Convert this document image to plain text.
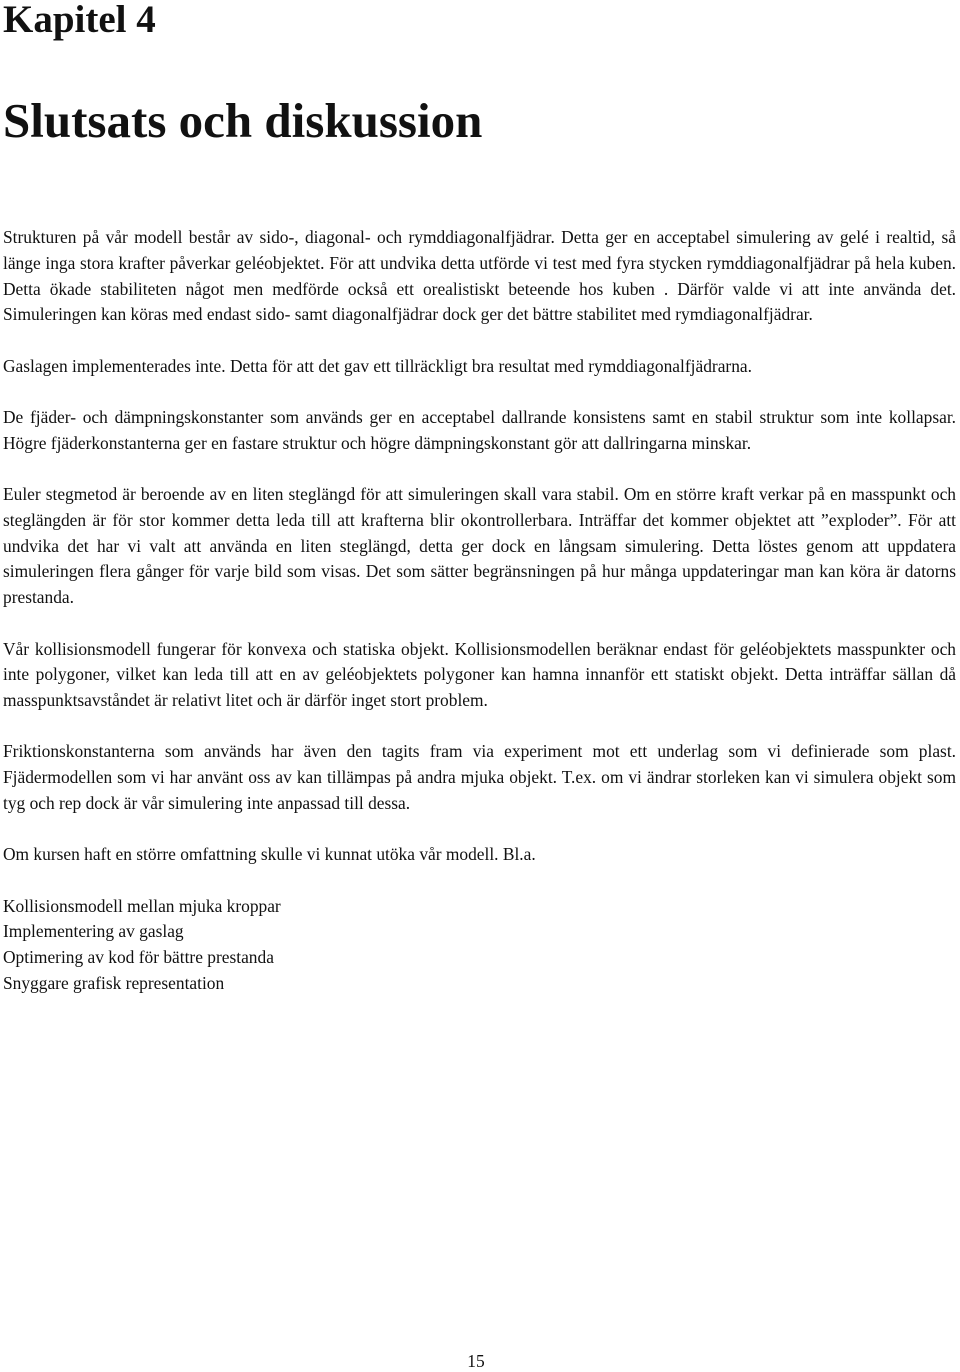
Kapitel 4
Slutsats och diskussion

Strukturen på vår modell består av sido-, diagonal- och rymddiagonalfjädrar. Detta ger en acceptabel simulering av gelé i realtid, så länge inga stora krafter påverkar geléobjektet. För att undvika detta utförde vi test med fyra stycken rymddiagonalfjädrar på hela kuben. Detta ökade stabiliteten något men medförde också ett orealistiskt beteende hos kuben . Därför valde vi att inte använda det. Simuleringen kan köras med endast sido- samt diagonalfjädrar dock ger det bättre stabilitet med rymdiagonalfjädrar.

Gaslagen implementerades inte. Detta för att det gav ett tillräckligt bra resultat med rymddiagonalfjädrarna.

De fjäder- och dämpningskonstanter som används ger en acceptabel dallrande konsistens samt en stabil struktur som inte kollapsar. Högre fjäderkonstanterna ger en fastare struktur och högre dämpningskonstant gör att dallringarna minskar.

Euler stegmetod är beroende av en liten steglängd för att simuleringen skall vara stabil. Om en större kraft verkar på en masspunkt och steglängden är för stor kommer detta leda till att krafterna blir okontrollerbara. Inträffar det kommer objektet att ”exploder”. För att undvika det har vi valt att använda en liten steglängd, detta ger dock en långsam simulering. Detta löstes genom att uppdatera simuleringen flera gånger för varje bild som visas. Det som sätter begränsningen på hur många uppdateringar man kan köra är datorns prestanda.

Vår kollisionsmodell fungerar för konvexa och statiska objekt. Kollisionsmodellen beräknar endast för geléobjektets masspunkter och inte polygoner, vilket kan leda till att en av geléobjektets polygoner kan hamna innanför ett statiskt objekt. Detta inträffar sällan då masspunktsavståndet är relativt litet och är därför inget stort problem.

Friktionskonstanterna som används har även den tagits fram via experiment mot ett underlag som vi definierade som plast. Fjädermodellen som vi har använt oss av kan tillämpas på andra mjuka objekt. T.ex. om vi ändrar storleken kan vi simulera objekt som tyg och rep dock är vår simulering inte anpassad till dessa.

Om kursen haft en större omfattning skulle vi kunnat utöka vår modell. Bl.a.

Kollisionsmodell mellan mjuka kroppar
Implementering av gaslag
Optimering av kod för bättre prestanda
Snyggare grafisk representation
15
